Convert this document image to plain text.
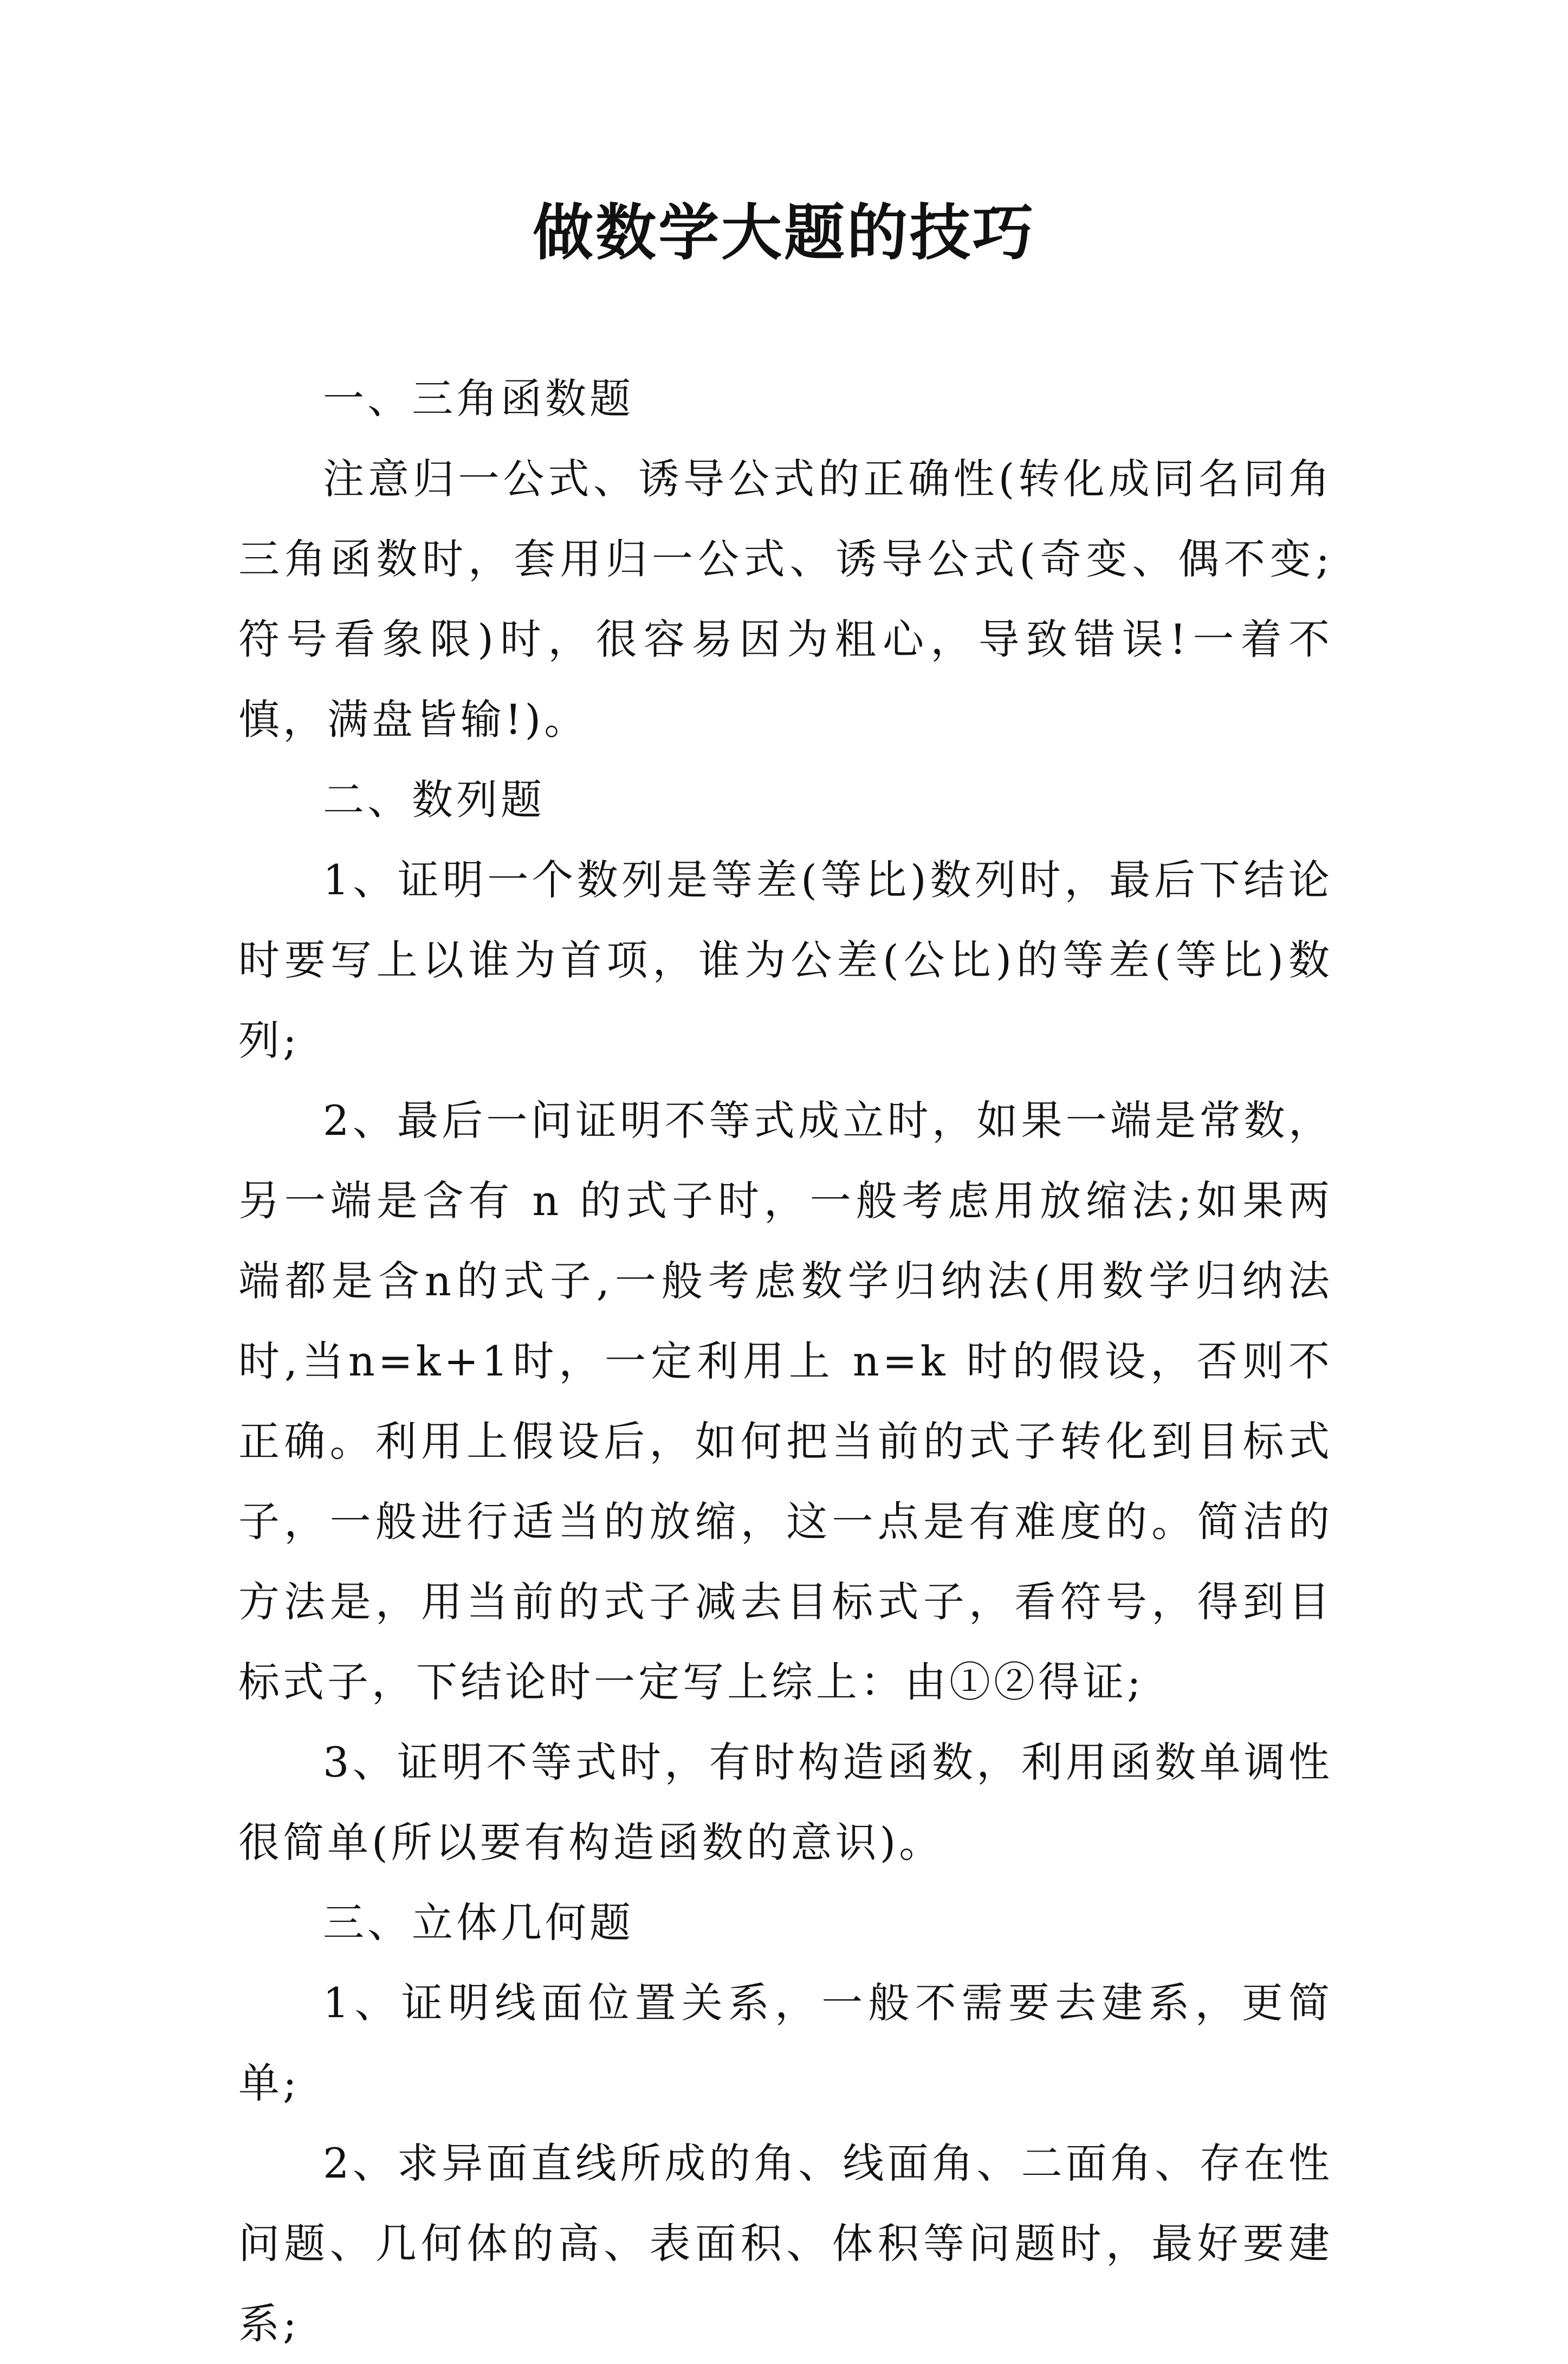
做数学大题的技巧

一、三角函数题

注意归一公式、诱导公式的正确性(转化成同名同角三角函数时，套用归一公式、诱导公式(奇变、偶不变;符号看象限)时，很容易因为粗心，导致错误!一着不慎，满盘皆输!)。

二、数列题

1、证明一个数列是等差(等比)数列时，最后下结论时要写上以谁为首项，谁为公差(公比)的等差(等比)数列;

2、最后一问证明不等式成立时，如果一端是常数，另一端是含有 n 的式子时，一般考虑用放缩法;如果两端都是含n的式子,一般考虑数学归纳法(用数学归纳法时,当n=k+1时，一定利用上 n=k 时的假设，否则不正确。利用上假设后，如何把当前的式子转化到目标式子，一般进行适当的放缩，这一点是有难度的。简洁的方法是，用当前的式子减去目标式子，看符号，得到目标式子，下结论时一定写上综上：由①②得证;

3、证明不等式时，有时构造函数，利用函数单调性很简单(所以要有构造函数的意识)。

三、立体几何题

1、证明线面位置关系，一般不需要去建系，更简单;

2、求异面直线所成的角、线面角、二面角、存在性问题、几何体的高、表面积、体积等问题时，最好要建系;
